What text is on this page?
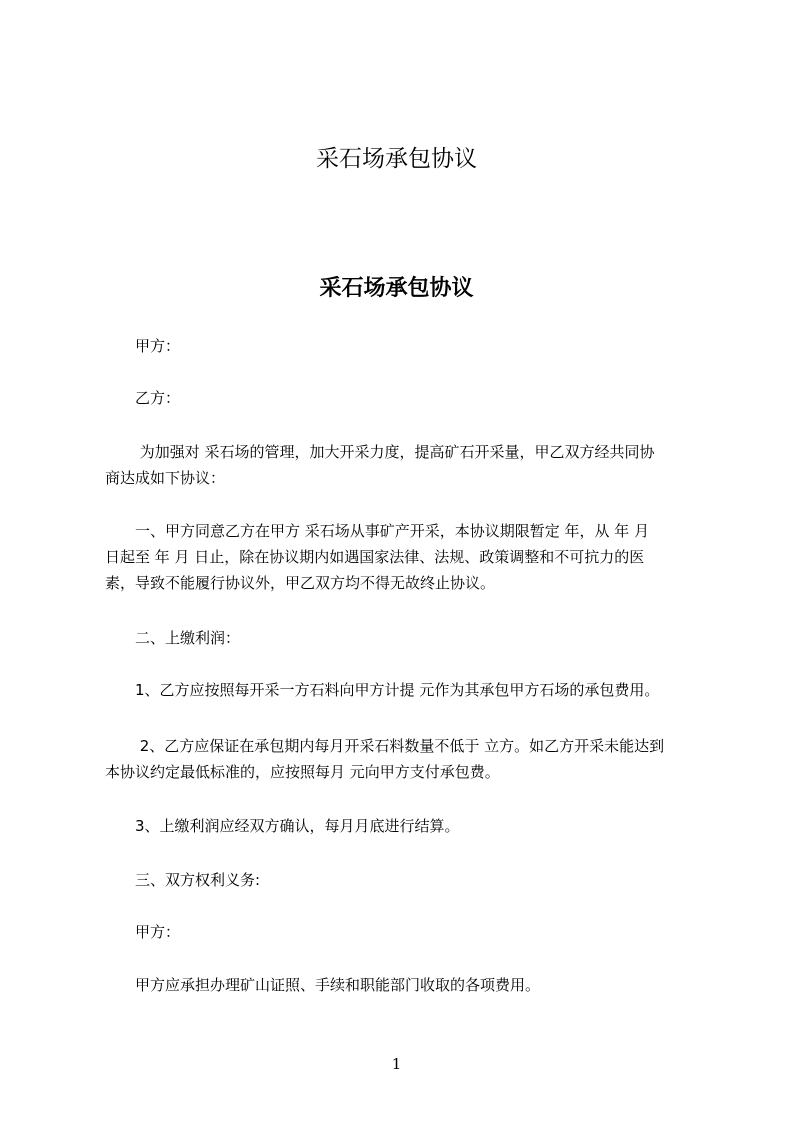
采石场承包协议
采石场承包协议
　　甲方：
　　乙方：
　　 为加强对 采石场的管理，加大开采力度，提高矿石开采量，甲乙双方经共同协
商达成如下协议：
　　一、甲方同意乙方在甲方 采石场从事矿产开采，本协议期限暂定 年，从 年 月
日起至 年 月 日止，除在协议期内如遇国家法律、法规、政策调整和不可抗力的医
素，导致不能履行协议外，甲乙双方均不得无故终止协议。
　　二、上缴利润：
　　1、乙方应按照每开采一方石料向甲方计提 元作为其承包甲方石场的承包费用。
　　 2、乙方应保证在承包期内每月开采石料数量不低于 立方。如乙方开采未能达到
本协议约定最低标准的，应按照每月 元向甲方支付承包费。
　　3、上缴利润应经双方确认，每月月底进行结算。
　　三、双方权利义务:
　　甲方：
　　甲方应承担办理矿山证照、手续和职能部门收取的各项费用。
1
